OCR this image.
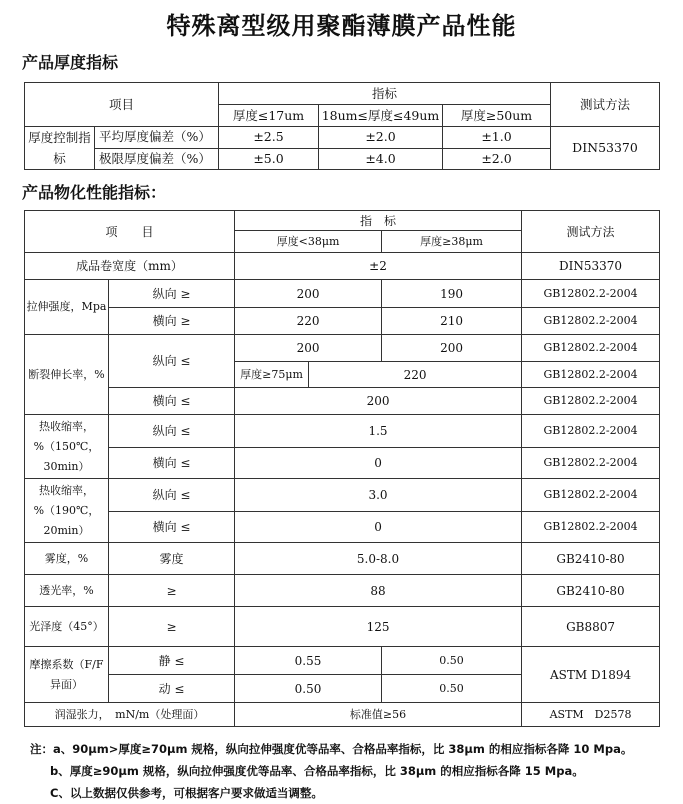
特殊离型级用聚酯薄膜产品性能
产品厚度指标
项目		指标			测试方法
		厚度≤17um	18um≤厚度≤49um	厚度≥50um	
厚度控制指标	平均厚度偏差（%）	±2.5	±2.0	±1.0	DIN53370
	极限厚度偏差（%）	±5.0	±4.0	±2.0	
产品物化性能指标：
项　　目		指　标			测试方法
		厚度<38μm		厚度≥38μm	
成品卷宽度（mm）		±2			DIN53370
拉伸强度，Mpa	纵向 ≥	200		190	GB12802.2-2004
	横向 ≥	220		210	GB12802.2-2004
断裂伸长率，%	纵向 ≤	200		200	GB12802.2-2004
		厚度≥75μm	220		GB12802.2-2004
	横向 ≤	200			GB12802.2-2004
热收缩率，%（150℃，30min）	纵向 ≤	1.5			GB12802.2-2004
	横向 ≤	0			GB12802.2-2004
热收缩率，%（190℃，20min）	纵向 ≤	3.0			GB12802.2-2004
	横向 ≤	0			GB12802.2-2004
雾度，%	雾度	5.0-8.0			GB2410-80
透光率，%	≥	88			GB2410-80
光泽度（45°）	≥	125			GB8807
摩擦系数（F/F 异面）	静 ≤	0.55		0.50	ASTM D1894
	动 ≤	0.50		0.50	
润湿张力，　mN/m（处理面）		标准值≥56			ASTM　D2578
注：a、90μm>厚度≥70μm 规格，纵向拉伸强度优等品率、合格品率指标，比 38μm 的相应指标各降 10 Mpa。
b、厚度≥90μm 规格，纵向拉伸强度优等品率、合格品率指标，比 38μm 的相应指标各降 15 Mpa。
C、以上数据仅供参考，可根据客户要求做适当调整。
